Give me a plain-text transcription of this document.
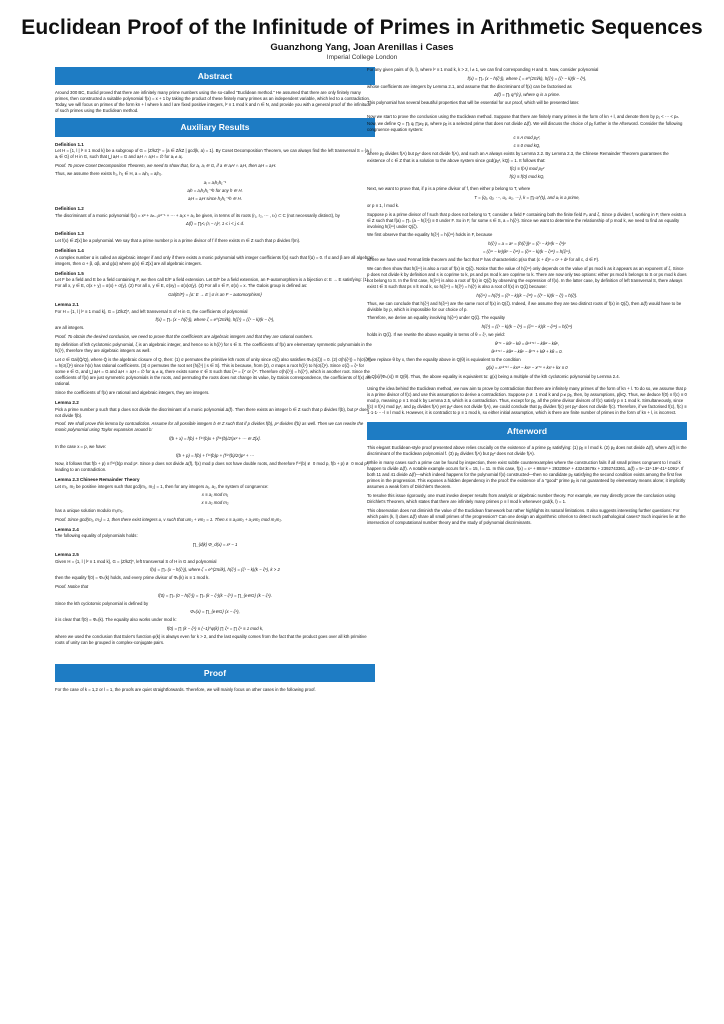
Euclidean Proof of the Infinitude of Primes in Arithmetic Sequences
Guanzhong Yang, Joan Arenillas i Cases
Imperial College London
Abstract

Around 300 BC, Euclid proved that there are infinitely many prime numbers using the so-called "Euclidean method." He assumed that there are only finitely many primes, then constructed a suitable polynomial f(x) = x + 1 by taking the product of these finitely many primes as an independent variable, which led to a contradiction. Today, we will focus on primes of the form kn + l where k and l are fixed positive integers, l² ≡ 1 mod k and n ∈ N, and provide you with a general proof of the infinitude of such primes using the Euclidean method.

Auxiliary Results
Definition 1.1

Let H = {1, l | l² ≡ 1 mod k} be a subgroup of G = (Z/kZ)* = {a ∈ Z/kZ | gcd(k, a) = 1}. By Coset Decomposition Theorem, we can always find the left transversal S = {aᵢ | aᵢ ∈ G} of H in G, such that ⋃ aᵢH = G and aᵢH ∩ aⱼH = ∅ for aᵢ ≠ aⱼ.

Proof. To prove Coset Decomposition Theorem, we need to show that, for aᵢ, aⱼ ∈ G, if a ∈ aᵢH ∩ aⱼH, then aᵢH = aⱼH.

Thus, we assume there exists h₁, h₂ ∈ H, a = aᵢh₁ = aⱼh₂.

aᵢ = aⱼh₂h₁⁻¹
aᵢh = aⱼh₂h₁⁻¹h for any h ∈ H.
aᵢH = aⱼH since h₂h₁⁻¹h ∈ H.
Definition 1.2

The discriminant of a monic polynomial f(x) = xᵈ + aₙ₋₁xᵈ⁻¹ + ⋯ + a₁x + a₀ be given, in terms of its roots (r₁, r₂, ⋯ , rₙ) ⊂ C (not necessarily distinct), by

Δ(f) = ∏ᵢ<ⱼ (rᵢ − rⱼ)², 1 ≤ i < j ≤ d.
Definition 1.3

Let f(x) ∈ Z[x] be a polynomial. We say that a prime number p is a prime divisor of f if there exists m ∈ Z such that p divides f(m).

Definition 1.4

A complex number α is called an algebraic integer if and only if there exists a monic polynomial with integer coefficients f(x) such that f(α) = 0. If α and β are all algebraic integers, then α + β, αβ, and g(α) where g(x) ∈ Z[x] are all algebraic integers.

Definition 1.5

Let F be a field and E be a field containing F, we then call E/F a field extension. Let E/F be a field extension, an F-automorphism is a bijection σ: E → E satisfying: (1) For all x, y ∈ E, σ(x + y) = σ(x) + σ(y). (2) For all x, y ∈ E, σ(xy) = σ(x)σ(y). (3) For all x ∈ F, σ(x) = x. The Galois group is defined as:

Gal(E/F) = {σ: E → E | σ is an F − automorphism}
Lemma 2.1

For H = {1, l | l² ≡ 1 mod k}, G = (Z/kZ)*, and left transversal S of H in G, the coefficients of polynomial

f(x) = ∏ₛ (x − h(ζˢ)), where ζ = e^(2πi/k), h(ζˢ) = (ζˢ − k)(k − ζˡˢ),

are all integers.

Proof. To obtain the desired conclusion, we need to prove that the coefficients are algebraic integers and that they are rational numbers.

By definition of kth cyclotomic polynomial, ζ is an algebraic integer, and hence so is h(ζˢ) for s ∈ S. The coefficients of f(x) are elementary symmetric polynomials in the h(ζˢ), therefore they are algebraic integers as well.

Let σ ∈ Gal(Q̄/Q), where Q̄ is the algebraic closure of Q, then: (1) σ permutes the primitive kth roots of unity since σ(ζ) also satisfies Φₖ(σ(ζ)) = 0. (2) σ(h(ζˢ)) = h(σ(ζˢ)) = h(σ(ζ)ˢ) since h(x) has rational coefficients. (3) σ permutes the root set {h(ζˢ) | s ∈ S}. This is because, from (2), σ maps a root h(ζˢ) to h(σ(ζ)ˢ). Since σ(ζ) = ζᵉ for some e ∈ G, and ⋃ aᵢH = G and aᵢH ∩ aⱼH = ∅ for aᵢ ≠ aⱼ, there exists some s' ∈ S such that ζᵉˢ = ζˢ' or ζˡˢ'. Therefore σ(h(ζˢ)) = h(ζˢ'), which is another root. Since the coefficients of f(x) are just symmetric polynomials in the roots, and permuting the roots does not change its value, by Galois correspondence, the coefficients of f(x) are rational.

Since the coefficients of f(x) are rational and algebraic integers, they are integers.

Lemma 2.2

Pick a prime number p such that p does not divide the discriminant of a monic polynomial Δ(f). Then there exists an integer b ∈ Z such that p divides f(b), but p² does not divide f(b).

Proof. We shall prove this lemma by contradiction. Assume for all possible integers b ∈ Z such that if p divides f(b), p² divides f(b) as well. Then we can rewrite the monic polynomial using Taylor expansion around b:

f(b + x) = f(b) + f⁽¹⁾(b)x + (f⁽²⁾(b)/2!)x² + ⋯ ∈ Z[x].

In the case x = p, we have:

f(b + p) = f(b) + f⁽¹⁾(b)p + (f⁽²⁾(b)/2!)p² + ⋯

Now, it follows that f(b + p) ≡ f⁽¹⁾(b)p mod p². Since p does not divide Δ(f), f(x) mod p does not have double roots, and therefore f⁽¹⁾(b) ≢ 0 mod p, f(b + p) ≢ 0 mod p², leading to an contradiction.

Lemma 2.3 Chinese Remainder Theory

Let m₁, m₂ be positive integers such that gcd(m₁, m₂) = 1, then for any integers a₁, a₂, the system of congruence:

x ≡ a₁ mod m₁
x ≡ a₂ mod m₂

has a unique solution modulo m₁m₂.

Proof. Since gcd(m₁, m₂) = 1, then there exist integers u, v such that um₁ + vm₂ = 1. Then x ≡ a₁um₁ + a₂vm₂ mod m₁m₂.

Lemma 2.4

The following equality of polynomials holds:

∏_{d|k} Φ_d(x) = xᵏ − 1
Lemma 2.5

Given H = {1, l | l² ≡ 1 mod k}, G = (Z/kZ)*, left transversal S of H in G and polynomial

f(x) = ∏ₛ (x − h(ζˢ)), where ζ = e^(2πi/k), h(ζˢ) = (ζˢ − k)(k − ζˡˢ), k > 2

then the equality f(0) = Φₖ(k) holds, and every prime divisor of Φₖ(k) is ≡ 1 mod k.

Proof. Notice that

f(0) = ∏ₛ (0 − h(ζˢ)) = ∏ₛ (k − ζˢ)(k − ζˡˢ) = ∏_{e∈G} (k − ζᵉ).

Since the kth cyclotomic polynomial is defined by

Φₖ(x) = ∏_{e∈G} (x − ζᵉ),

it is clear that f(0) = Φₖ(k). The equality also works under mod k:

f(0) = ∏ (k − ζᵉ) ≡ (−1)^φ(k) ∏ ζᵉ = ∏ ζᵉ ≡ 1 mod k,

where we used the conclusion that Euler's function φ(k) is always even for k > 2, and the last equality comes from the fact that the product goes over all kth primitive roots of unity can be grouped in complex-conjugate pairs.

Proof

For the case of k = 1,2 or l = 1, the proofs are quiet straightforwards. Therefore, we will mainly focus on other cases in the following proof.

For any given pairs of (k, l), where l² ≡ 1 mod k, k > 2, l ≠ 1, we can find corresponding H and S. Now, consider polynomial

f(x) = ∏ₛ (x − h(ζˢ)), where ζ = e^(2πi/k), h(ζˢ) = (ζˢ − k)(k − ζˡˢ),

whose coefficients are integers by Lemma 2.1, and assume that the discriminant of f(x) can be factorised as

Δ(f) = ∏ᵢ qᵢ^(rᵢ), where qᵢ is a prime.

This polynomial has several beautiful properties that will be essential for our proof, which will be presented later.

Now we start to prove the conclusion using the Euclidean method. Suppose that there are finitely many primes in the form of kn + l, and denote them by p₁ < ⋯ < pₙ. Now, we define Q = ∏ᵢ qᵢ ∏ⱼ≠ᵦ pⱼ, where pᵦ is a selected prime that does not divide Δ(f). We will discuss the choice of pᵦ further in the Afterword. Consider the following congruence equation system:

c ≡ A mod pᵦ²,
c ≡ 0 mod kQ,

where pᵦ divides f(A) but pᵦ² does not divide f(A), and such an A always exists by Lemma 2.2. By Lemma 2.3, the Chinese Remainder Theorem guarantees the existence of c ∈ Z that is a solution to the above system since gcd(pᵦ², kQ) = 1. It follows that:

f(c) ≡ f(A) mod pᵦ²
f(c) ≡ f(0) mod kQ,

Next, we want to prove that, if p is a prime divisor of f, then either p belong to T, where

T = {q₁, q₂, ⋯, u₁, u₂, ⋯}, k = ∏ᵢ uᵢ^(tᵢ), and uᵢ is a prime,

or p ≡ 1, l mod k.

Suppose p is a prime divisor of f such that p does not belong to T, consider a field F containing both the finite field Fₚ and ζ. Since p divides f, working in F, there exists a ∈ Z such that f(a) = ∏ₛ (a − h(ζˢ)) ≡ 0 under F. So in F, for some s ∈ S, a = h(ζˢ). Since we want to determine the relationship of p mod k, we need to find an equality involving h(ζᵖˢ) under Q(ζ).

We first observe that the equality h(ζˢ) = h(ζᵖˢ) holds in F, because

h(ζˢ) = a = aᵖ = (h(ζˢ))ᵖ = (ζˢ − k)ᵖ(k − ζˡˢ)ᵖ
= (ζᵖˢ − kᵖ)(kᵖ − ζᵖˡˢ) = (ζᵖˢ − k)(k − ζᵖˡˢ) = h(ζᵖˢ),

where we have used Fermat little theorem and the fact that F has characteristic p(so that (c + d)ᵖ = cᵖ + dᵖ for all c, d ∈ F).

We can then show that h(ζᵖˢ) is also a root of f(x) in Q(ζ). Notice that the value of h(ζᵖˢ) only depends on the value of ps mod k as it appears as an exponent of ζ. Since p does not divide k by definition and s is coprime to k, ps and ps mod k are coprime to k. There are now only two options: either ps mod k belongs to S or ps mod k does not belong to S. In the first case, h(ζᵖˢ) is also a root of f(x) in Q(ζ) by observing the expression of f(x). In the latter case, by definition of left transversal S, there always exist t ∈ S such that ps ≡ lt mod k, so h(ζᵖˢ) = h(ζˡᵗ) = h(ζᵗ) is also a root of f(x) in Q(ζ) because:

h(ζᵖˢ) = h(ζˡᵗ) = (ζˡᵗ − k)(k − ζˡ²ᵗ) = (ζˡᵗ − k)(k − ζᵗ) = h(ζᵗ).

Thus, we can conclude that h(ζˢ) and h(ζᵖˢ) are the same root of f(x) in Q(ζ). Indeed, if we assume they are two distinct roots of f(x) in Q(ζ), then Δ(f) would have to be divisible by p, which is impossible for our choice of p.

Therefore, we derive an equality involving h(ζᵖˢ) under Q(ζ). The equality

h(ζˢ) = (ζˢ − k)(k − ζˡˢ) = (ζᵖˢ − k)(k − ζᵖˡˢ) = h(ζᵖˢ)

holds in Q(ζ). If we rewrite the above equality in terms of θ = ζˢ, we yield:

θˡ⁺¹ − kθˡ − kθ = θᵖ⁽ˡ⁺¹⁾ − kθᵖˡ − kθᵖ,
θᵖ⁽ˡ⁺¹⁾ − kθᵖˡ − kθᵖ − θˡ⁺¹ + kθˡ + kθ = 0.

If we replace θ by x, then the equality above in Q(θ) is equivalent to the condition

g(x) = xᵖ⁽ˡ⁺¹⁾ − kxᵖˡ − kxᵖ − xˡ⁺¹ + kxˡ + kx ≡ 0

in Q[x]/(Φₖ(x)) ≅ Q(θ). Thus, the above equality is equivalent to: g(x) being a multiple of the kth cyclotomic polynomial by Lemma 2.4.

Using the idea behind the Euclidean method, we now aim to prove by contradiction that there are infinitely many primes of the form of kn + l. To do so, we assume that p is a prime divisor of f(c) and use this assumption to derive a contradiction. Suppose p ≢ 1 mod k and p ≠ pᵦ, then, by assumptions, p|kQ. Thus, we deduce f(0) ≡ f(c) ≡ 0 mod p, meaning p ≡ 1 mod k by Lemma 2.5, which is a contradiction. Thus, except for pᵦ, all the prime divisor divisors of f(c) satisfy p ≡ 1 mod k. Simultaneously, since f(c) ≡ f(A) mod pᵦ², and pᵦ divides f(A) yet pᵦ² does not divide f(A), we could conclude that pᵦ divides f(c) yet pᵦ² does not divide f(c). Therefore, if we factorised f(c), f(c) ≡ 1·1·1·⋯·l ≡ l mod k. However, it is contradict to p ≡ 1 mod k, so either initial assumption, which is there are finite number of primes in the form of kn + l, is incorrect.

Afterword

This elegant Euclidean-style proof presented above relies crucially on the existence of a prime pᵦ satisfying: (1) pᵦ ≡ l mod k. (2) pᵦ does not divide Δ(f), where Δ(f) is the discriminant of the Euclidean polynomial f. (3) pᵦ divides f(A) but pᵦ² does not divide f(A).

While in many cases such a prime can be found by inspection, there exist subtle counterexamples where the construction fails if all small primes congruent to l mod k happen to divide Δ(f). A notable example occurs for k = 15, l = 11. In this case, f(x) = x⁴ + 884x³ + 293206x² + 43243679x + 2392743361, Δ(f) = 5⁴·11²·19²·41²·1091². If both 11 and 41 divide Δ(f)—which indeed happens for the polynomial f(x) constructed—then no candidate pᵦ satisfying the second condition exists among the first few primes in the progression. This exposes a hidden dependency in the proof: the existence of a "good" prime pᵦ is not guaranteed by elementary means alone; it implicitly assumes a weak form of Dirichlet's theorem.

To resolve this issue rigorously, one must invoke deeper results from analytic or algebraic number theory. For example, we may directly prove the conclusion using Dirichlet's Theorem, which states that there are infinitely many primes p ≡ l mod k whenever gcd(k, l) = 1.

This observation does not diminish the value of the Euclidean framework but rather highlights its natural limitations. It also suggests interesting further questions: For which pairs (k, l) does Δ(f) share all small primes of the progression? Can one design an algorithmic criterion to detect such pathological cases? Such inquiries lie at the intersection of computational number theory and the study of polynomial discriminants.
